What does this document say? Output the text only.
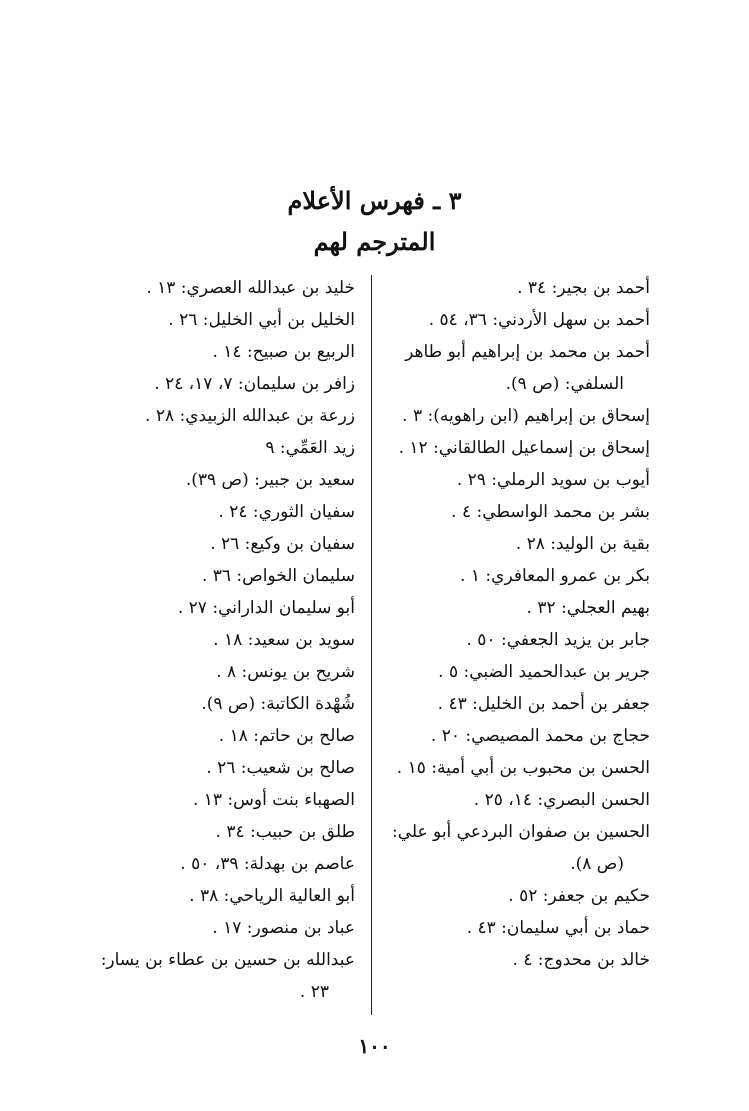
٣ ـ فهرس الأعلام
المترجم لهم
أحمد بن بجير: ٣٤ .
أحمد بن سهل الأردني: ٣٦، ٥٤ .
أحمد بن محمد بن إبراهيم أبو طاهر
السلفي: (ص ٩).
إسحاق بن إبراهيم (ابن راهويه): ٣ .
إسحاق بن إسماعيل الطالقاني: ١٢ .
أيوب بن سويد الرملي: ٢٩ .
بشر بن محمد الواسطي: ٤ .
بقية بن الوليد: ٢٨ .
بكر بن عمرو المعافري: ١ .
بهيم العجلي: ٣٢ .
جابر بن يزيد الجعفي: ٥٠ .
جرير بن عبدالحميد الضبي: ٥ .
جعفر بن أحمد بن الخليل: ٤٣ .
حجاج بن محمد المصيصي: ٢٠ .
الحسن بن محبوب بن أبي أمية: ١٥ .
الحسن البصري: ١٤، ٢٥ .
الحسين بن صفوان البردعي أبو علي:
(ص ٨).
حكيم بن جعفر: ٥٢ .
حماد بن أبي سليمان: ٤٣ .
خالد بن محدوج: ٤ .
خليد بن عبدالله العصري: ١٣ .
الخليل بن أبي الخليل: ٢٦ .
الربيع بن صبيح: ١٤ .
زافر بن سليمان: ٧، ١٧، ٢٤ .
زرعة بن عبدالله الزبيدي: ٢٨ .
زيد العَمِّي: ٩
سعيد بن جبير: (ص ٣٩).
سفيان الثوري: ٢٤ .
سفيان بن وكيع: ٢٦ .
سليمان الخواص: ٣٦ .
أبو سليمان الداراني: ٢٧ .
سويد بن سعيد: ١٨ .
شريح بن يونس: ٨ .
شُهْدة الكاتبة: (ص ٩).
صالح بن حاتم: ١٨ .
صالح بن شعيب: ٢٦ .
الصهباء بنت أوس: ١٣ .
طلق بن حبيب: ٣٤ .
عاصم بن بهدلة: ٣٩، ٥٠ .
أبو العالية الرياحي: ٣٨ .
عباد بن منصور: ١٧ .
عبدالله بن حسين بن عطاء بن يسار:
٢٣ .
١٠٠
